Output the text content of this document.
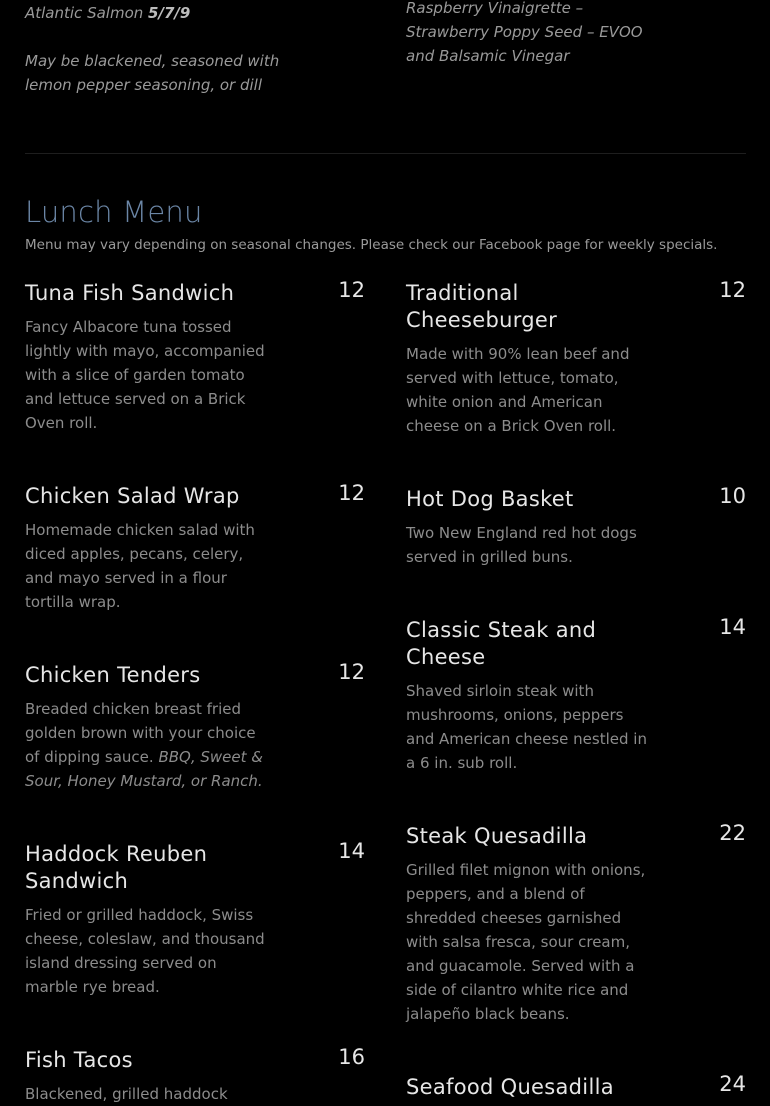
Atlantic Salmon 5/7/9
May be blackened, seasoned with lemon pepper seasoning, or dill
Raspberry Vinaigrette – Strawberry Poppy Seed – EVOO and Balsamic Vinegar
Lunch Menu
Menu may vary depending on seasonal changes. Please check our Facebook page for weekly specials.
Tuna Fish Sandwich	12
Fancy Albacore tuna tossed lightly with mayo, accompanied with a slice of garden tomato and lettuce served on a Brick Oven roll.
Chicken Salad Wrap	12
Homemade chicken salad with diced apples, pecans, celery, and mayo served in a flour tortilla wrap.
Chicken Tenders	12
Breaded chicken breast fried golden brown with your choice of dipping sauce. BBQ, Sweet & Sour, Honey Mustard, or Ranch.
Haddock Reuben Sandwich
14
Fried or grilled haddock, Swiss cheese, coleslaw, and thousand island dressing served on marble rye bread.
Fish Tacos	16
Blackened, grilled haddock
Traditional Cheeseburger
12
Made with 90% lean beef and served with lettuce, tomato, white onion and American cheese on a Brick Oven roll.
Hot Dog Basket	10
Two New England red hot dogs served in grilled buns.
Classic Steak and Cheese
14
Shaved sirloin steak with mushrooms, onions, peppers and American cheese nestled in a 6 in. sub roll.
Steak Quesadilla	22
Grilled filet mignon with onions, peppers, and a blend of shredded cheeses garnished with salsa fresca, sour cream, and guacamole. Served with a side of cilantro white rice and jalapeño black beans.
Seafood Quesadilla	24
